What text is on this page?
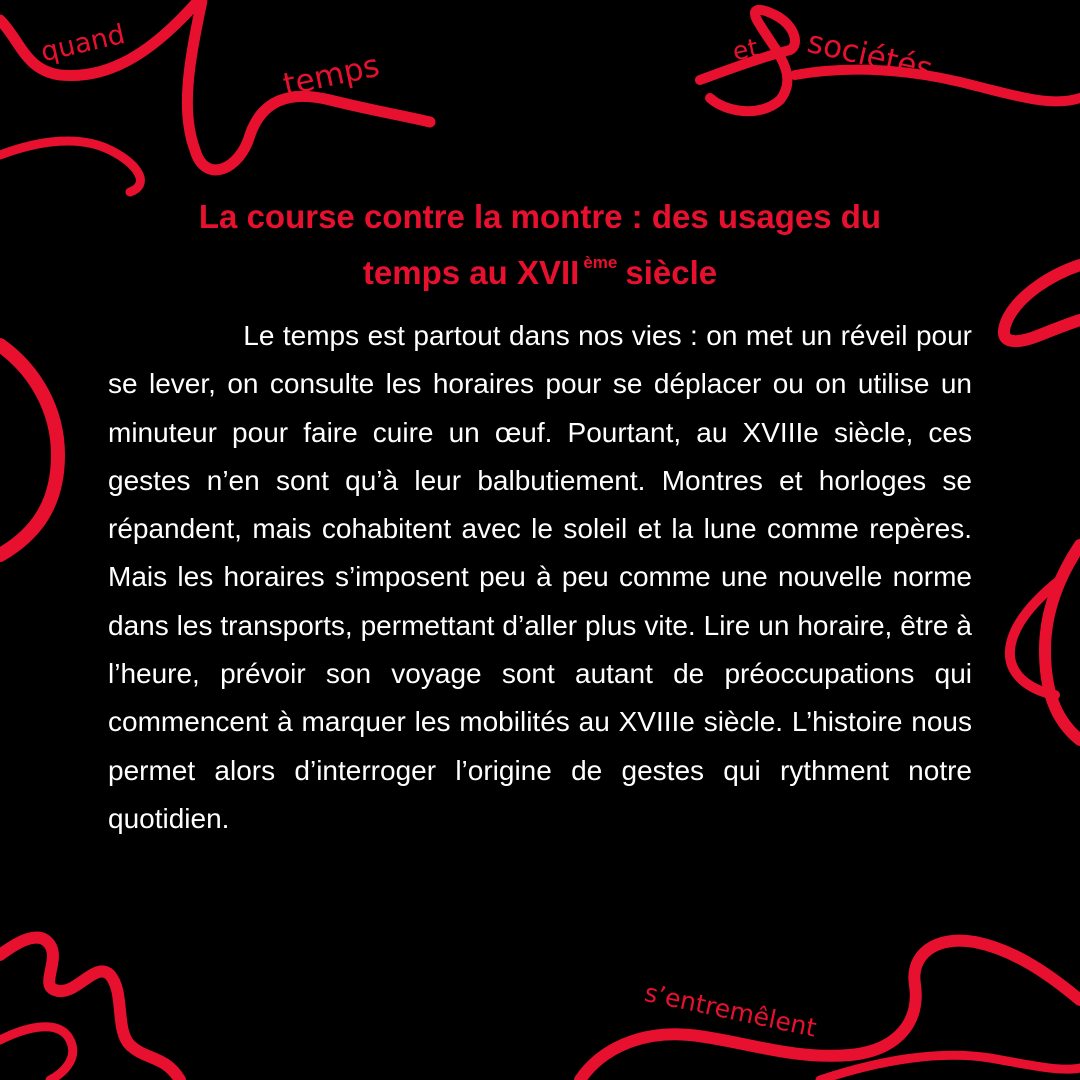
quand
temps	et sociétés
s’entremêlent
La course contre la montre : des usages du
temps au XVII $^{ème}$ siècle

Le temps est partout dans nos vies : on met un réveil pour se lever, on consulte les horaires pour se déplacer ou on utilise un minuteur pour faire cuire un œuf. Pourtant, au XVIIIe siècle, ces gestes n’en sont qu’à leur balbutiement. Montres et horloges se répandent, mais cohabitent avec le soleil et la lune comme repères. Mais les horaires s’imposent peu à peu comme une nouvelle norme dans les transports, permettant d’aller plus vite. Lire un horaire, être à l’heure, prévoir son voyage sont autant de préoccupations qui commencent à marquer les mobilités au XVIIIe siècle. L’histoire nous permet alors d’interroger l’origine de gestes qui rythment notre quotidien.
